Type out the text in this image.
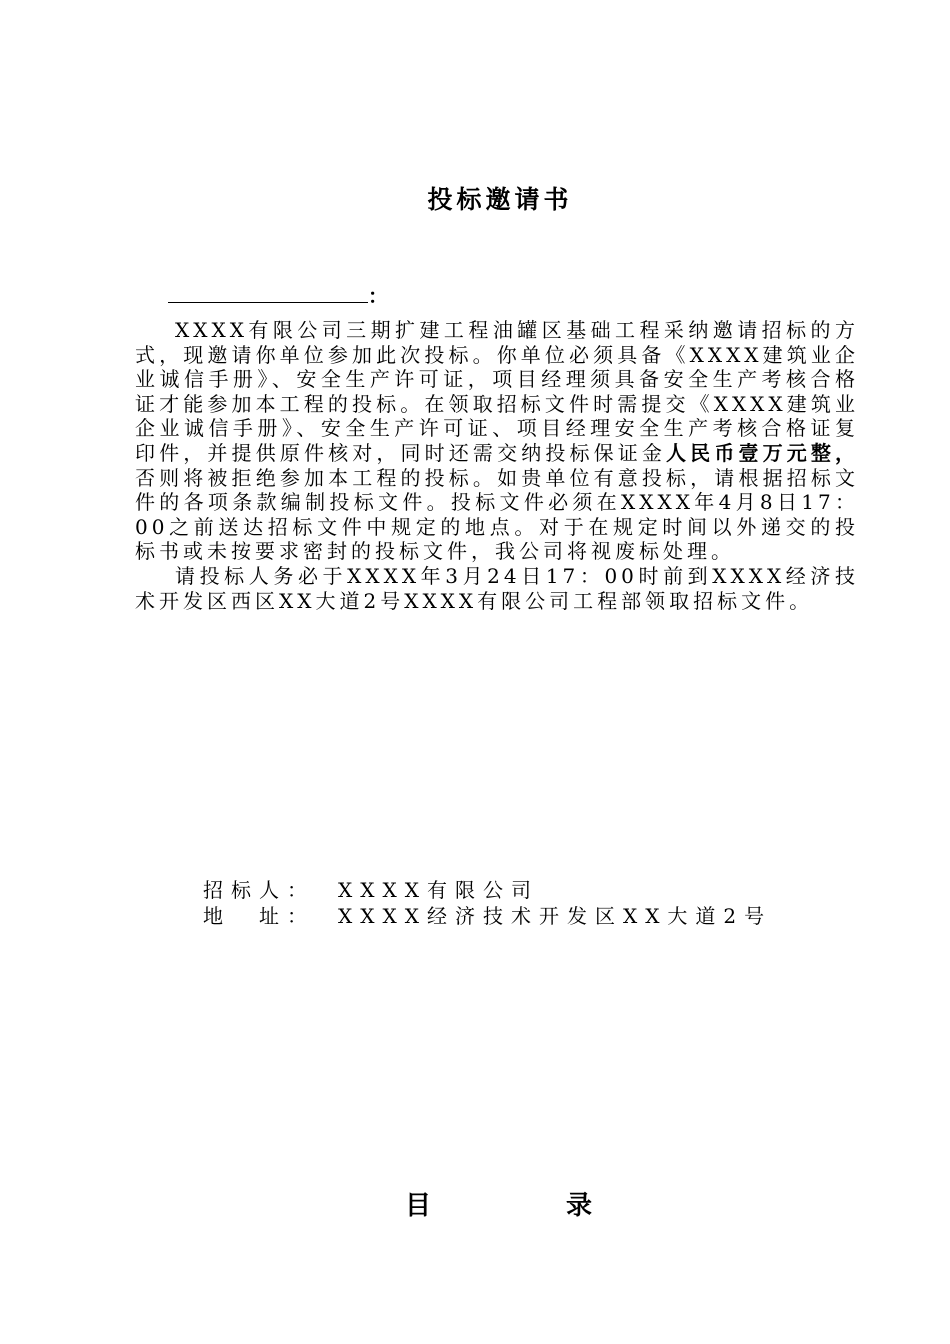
投标邀请书
：

XXXX有限公司三期扩建工程油罐区基础工程采纳邀请招标的方式，现邀请你单位参加此次投标。你单位必须具备《XXXX建筑业企业诚信手册》、安全生产许可证，项目经理须具备安全生产考核合格证才能参加本工程的投标。在领取招标文件时需提交《XXXX建筑业企业诚信手册》、安全生产许可证、项目经理安全生产考核合格证复印件，并提供原件核对，同时还需交纳投标保证金人民币壹万元整，否则将被拒绝参加本工程的投标。如贵单位有意投标，请根据招标文件的各项条款编制投标文件。投标文件必须在XXXX年4月8日17：00之前送达招标文件中规定的地点。对于在规定时间以外递交的投标书或未按要求密封的投标文件，我公司将视废标处理。

请投标人务必于XXXX年3月24日17：00时前到XXXX经济技术开发区西区XX大道2号XXXX有限公司工程部领取招标文件。

招标人： XXXX有限公司
地　址： XXXX经济技术开发区XX大道2号
目	录
